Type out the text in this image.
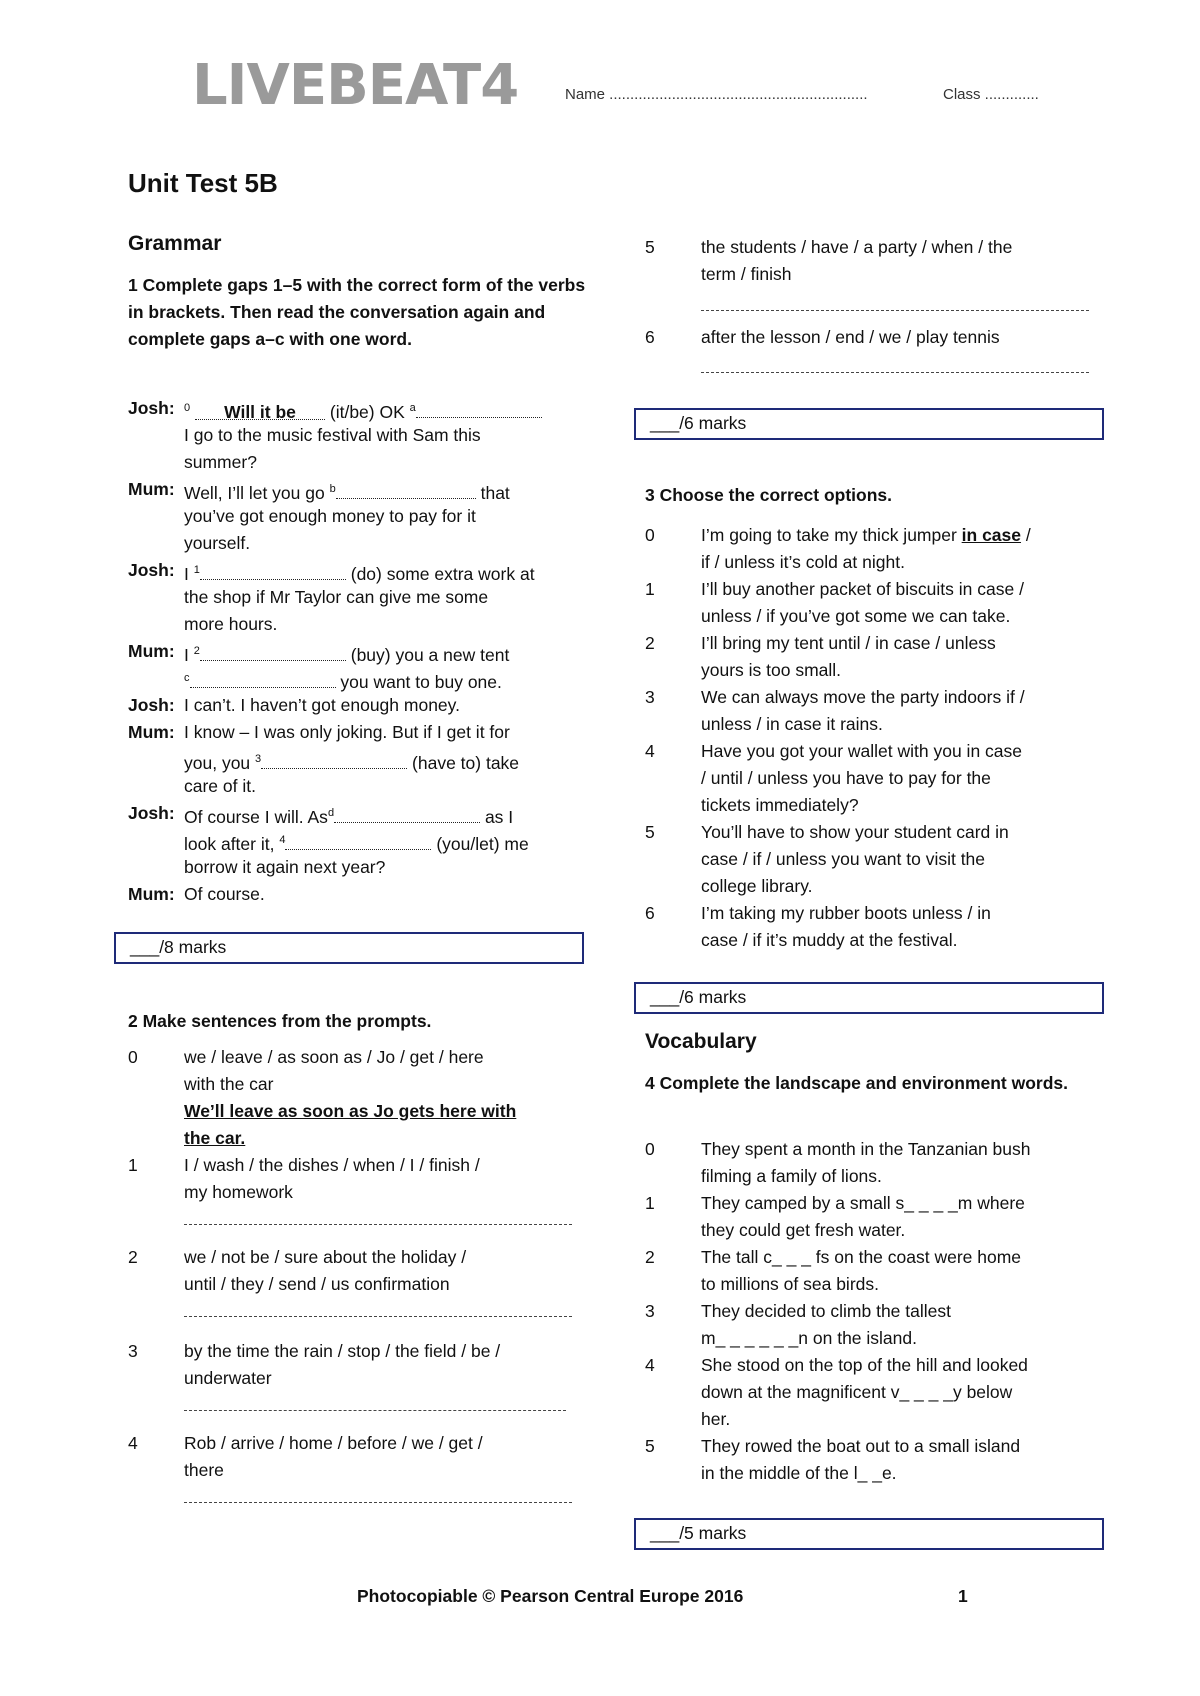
LIVEBEAT4	Name ..............................................................	Class .............
Unit Test 5B
Grammar
1 Complete gaps 1–5 with the correct form of the verbs in brackets. Then read the conversation again and complete gaps a–c with one word.
Josh: $^0$ Will it be (it/be) OK $^a$
I go to the music festival with Sam this
summer?
Mum: Well, I’ll let you go $^b$	that
you’ve got enough money to pay for it
yourself.
Josh: I $^1$	(do) some extra work at
the shop if Mr Taylor can give me some
more hours.
Mum: I $^2$	(buy) you a new tent
$^c$	you want to buy one.
Josh: I can’t. I haven’t got enough money.
Mum: I know – I was only joking. But if I get it for
you, you $^3$	(have to) take
care of it.
Josh: Of course I will. As$^d$	as I
look after it, $^4$	(you/let) me
borrow it again next year?
Mum: Of course.
___/8 marks
2 Make sentences from the prompts.
0	we / leave / as soon as / Jo / get / here
with the car
We’ll leave as soon as Jo gets here with
the car.
1	I / wash / the dishes / when / I / finish /
my homework
2	we / not be / sure about the holiday /
until / they / send / us confirmation
3	by the time the rain / stop / the field / be /
underwater
4	Rob / arrive / home / before / we / get /
there
5	the students / have / a party / when / the
term / finish
6	after the lesson / end / we / play tennis
___/6 marks
3 Choose the correct options.
0	I’m going to take my thick jumper in case /
if / unless it’s cold at night.
1	I’ll buy another packet of biscuits in case /
unless / if you’ve got some we can take.
2	I’ll bring my tent until / in case / unless
yours is too small.
3	We can always move the party indoors if /
unless / in case it rains.
4	Have you got your wallet with you in case
/ until / unless you have to pay for the
tickets immediately?
5	You’ll have to show your student card in
case / if / unless you want to visit the
college library.
6	I’m taking my rubber boots unless / in
case / if it’s muddy at the festival.
___/6 marks
Vocabulary
4 Complete the landscape and environment words.
0	They spent a month in the Tanzanian bush
filming a family of lions.
1	They camped by a small s_ _ _ _m where
they could get fresh water.
2	The tall c_ _ _ fs on the coast were home
to millions of sea birds.
3	They decided to climb the tallest
m_ _ _ _ _ _n on the island.
4	She stood on the top of the hill and looked
down at the magnificent v_ _ _ _y below
her.
5	They rowed the boat out to a small island
in the middle of the l_ _e.
___/5 marks
Photocopiable © Pearson Central Europe 2016	1
